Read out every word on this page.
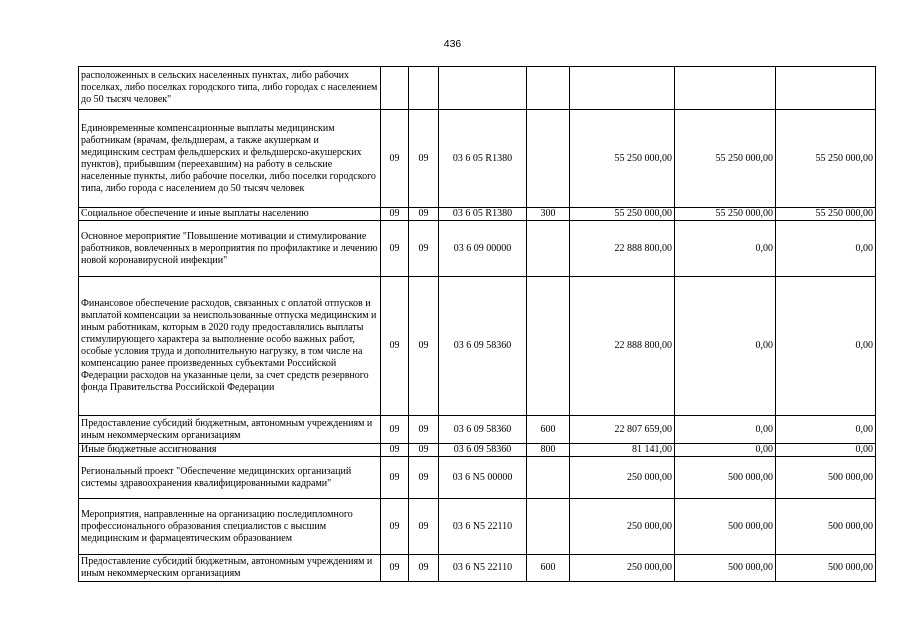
436
расположенных в сельских населенных пунктах, либо рабочих поселках, либо поселках городского типа, либо городах с населением до 50 тысяч человек"							
Единовременные компенсационные выплаты медицинским работникам (врачам, фельдшерам, а также акушеркам и медицинским сестрам фельдшерских и фельдшерско-акушерских пунктов), прибывшим (переехавшим) на работу в сельские населенные пункты, либо рабочие поселки, либо поселки городского типа, либо города с населением до 50 тысяч человек	09	09	03 6 05 R1380		55 250 000,00	55 250 000,00	55 250 000,00
Социальное обеспечение и иные выплаты населению	09	09	03 6 05 R1380	300	55 250 000,00	55 250 000,00	55 250 000,00
Основное мероприятие "Повышение мотивации и стимулирование работников, вовлеченных в мероприятия по профилактике и лечению новой коронавирусной инфекции"	09	09	03 6 09 00000		22 888 800,00	0,00	0,00
Финансовое обеспечение расходов, связанных с оплатой отпусков и выплатой компенсации за неиспользованные отпуска медицинским и иным работникам, которым в 2020 году предоставлялись выплаты стимулирующего характера за выполнение особо важных работ, особые условия труда и дополнительную нагрузку, в том числе на компенсацию ранее произведенных субъектами Российской Федерации расходов на указанные цели, за счет средств резервного фонда Правительства Российской Федерации	09	09	03 6 09 58360		22 888 800,00	0,00	0,00
Предоставление субсидий бюджетным, автономным учреждениям и иным некоммерческим организациям	09	09	03 6 09 58360	600	22 807 659,00	0,00	0,00
Иные бюджетные ассигнования	09	09	03 6 09 58360	800	81 141,00	0,00	0,00
Региональный проект "Обеспечение медицинских организаций системы здравоохранения квалифицированными кадрами"	09	09	03 6 N5 00000		250 000,00	500 000,00	500 000,00
Мероприятия, направленные на организацию последипломного профессионального образования специалистов с высшим медицинским и фармацевтическим образованием	09	09	03 6 N5 22110		250 000,00	500 000,00	500 000,00
Предоставление субсидий бюджетным, автономным учреждениям и иным некоммерческим организациям	09	09	03 6 N5 22110	600	250 000,00	500 000,00	500 000,00
